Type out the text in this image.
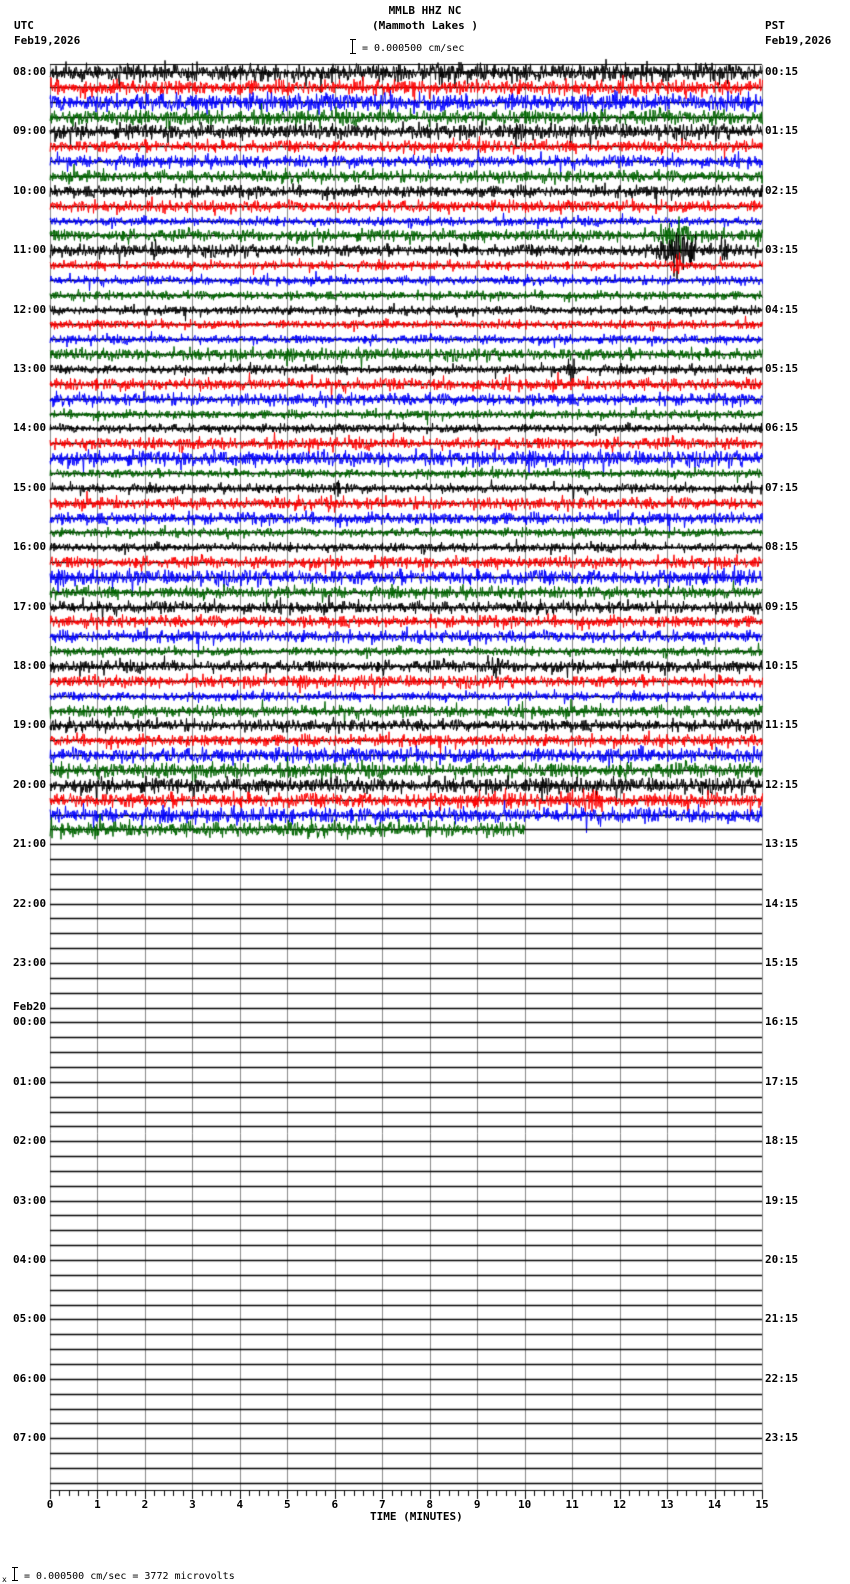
08:00
09:00
10:00
11:00
12:00
13:00
14:00
15:00
16:00
17:00
18:00
19:00
20:00
21:00
22:00
23:00
00:00
Feb20
01:00
02:00
03:00
04:00
05:00
06:00
07:00
00:15
01:15
02:15
03:15
04:15
05:15
06:15
07:15
08:15
09:15
10:15
11:15
12:15
13:15
14:15
15:15
16:15
17:15
18:15
19:15
20:15
21:15
22:15
23:15
0	1	2	3	4	5	6	7	8	9	10	11	12	13	14	15
TIME (MINUTES)
x = 0.000500 cm/sec = 3772 microvolts
